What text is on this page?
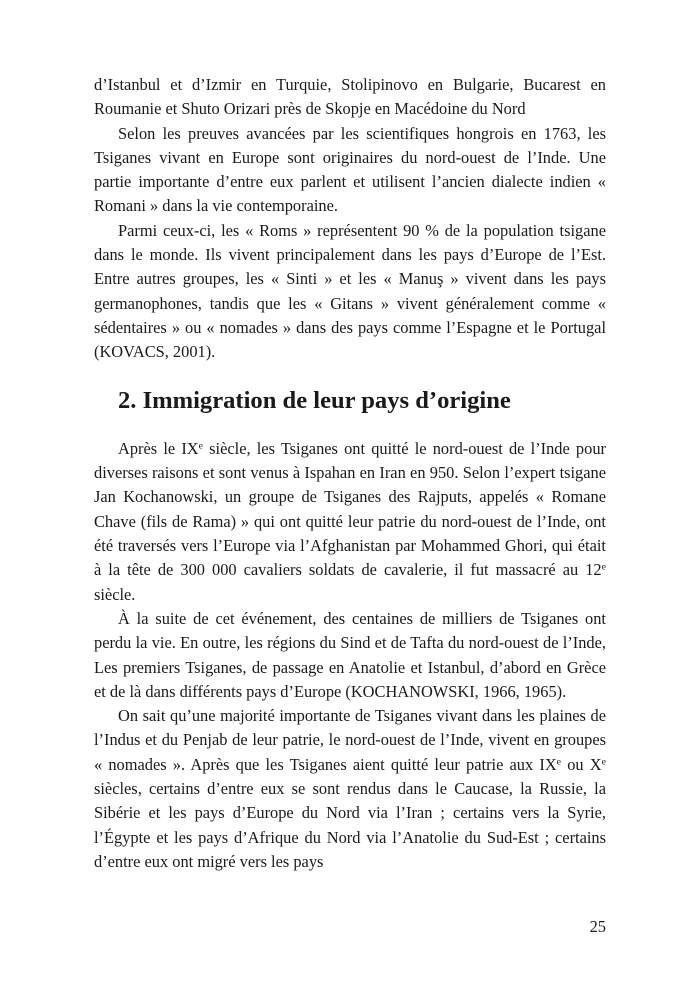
d’Istanbul et d’Izmir en Turquie, Stolipinovo en Bulgarie, Bucarest en Roumanie et Shuto Orizari près de Skopje en Macédoine du Nord

Selon les preuves avancées par les scientifiques hongrois en 1763, les Tsiganes vivant en Europe sont originaires du nord-ouest de l’Inde. Une partie importante d’entre eux parlent et utilisent l’ancien dialecte indien « Romani » dans la vie contemporaine.

Parmi ceux-ci, les « Roms » représentent 90 % de la population tsigane dans le monde. Ils vivent principalement dans les pays d’Europe de l’Est. Entre autres groupes, les « Sinti » et les « Manuş » vivent dans les pays germanophones, tandis que les « Gitans » vivent généralement comme « sédentaires » ou « nomades » dans des pays comme l’Espagne et le Portugal (KOVACS, 2001).

2. Immigration de leur pays d’origine

Après le IXe siècle, les Tsiganes ont quitté le nord-ouest de l’Inde pour diverses raisons et sont venus à Ispahan en Iran en 950. Selon l’expert tsigane Jan Kochanowski, un groupe de Tsiganes des Rajputs, appelés « Romane Chave (fils de Rama) » qui ont quitté leur patrie du nord-ouest de l’Inde, ont été traversés vers l’Europe via l’Afghanistan par Mohammed Ghori, qui était à la tête de 300 000 cavaliers soldats de cavalerie, il fut massacré au 12e siècle.

À la suite de cet événement, des centaines de milliers de Tsiganes ont perdu la vie. En outre, les régions du Sind et de Tafta du nord-ouest de l’Inde, Les premiers Tsiganes, de passage en Anatolie et Istanbul, d’abord en Grèce et de là dans différents pays d’Europe (KOCHANOWSKI, 1966, 1965).

On sait qu’une majorité importante de Tsiganes vivant dans les plaines de l’Indus et du Penjab de leur patrie, le nord-ouest de l’Inde, vivent en groupes « nomades ». Après que les Tsiganes aient quitté leur patrie aux IXe ou Xe siècles, certains d’entre eux se sont rendus dans le Caucase, la Russie, la Sibérie et les pays d’Europe du Nord via l’Iran ; certains vers la Syrie, l’Égypte et les pays d’Afrique du Nord via l’Anatolie du Sud-Est ; certains d’entre eux ont migré vers les pays

25
